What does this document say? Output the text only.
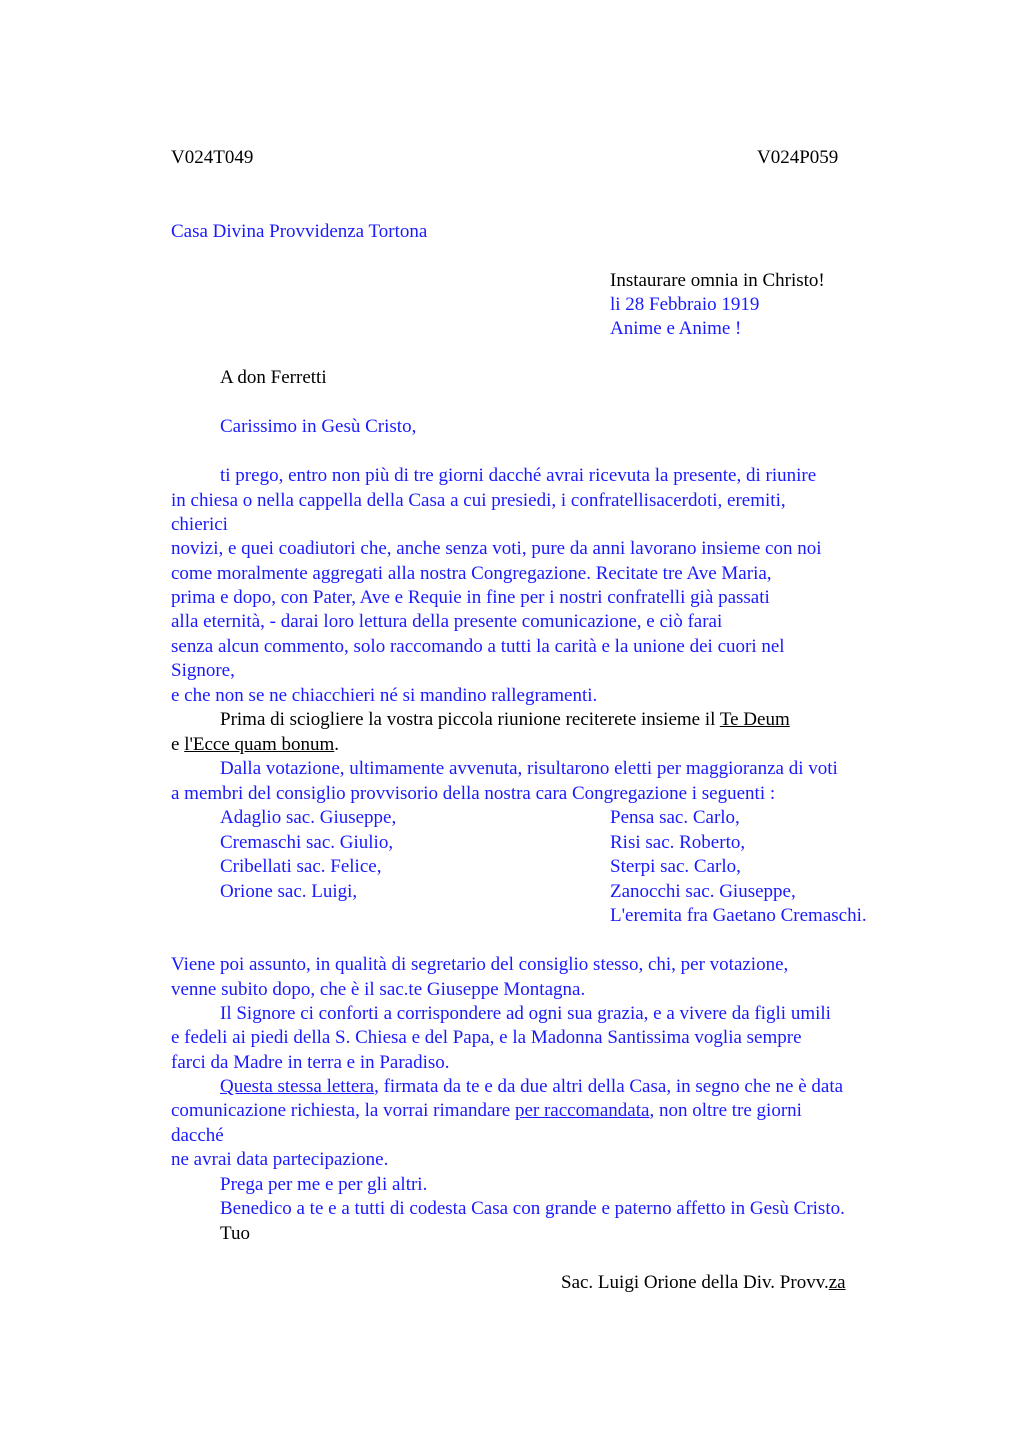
V024T049	V024P059
Casa Divina Provvidenza Tortona
Instaurare omnia in Christo!
li 28 Febbraio 1919
Anime e Anime !
A don Ferretti
Carissimo in Gesù Cristo,
ti prego, entro non più di tre giorni dacché avrai ricevuta la presente, di riunire
in chiesa o nella cappella della Casa a cui presiedi, i confratellisacerdoti, eremiti,
chierici
novizi, e quei coadiutori che, anche senza voti, pure da anni lavorano insieme con noi
come moralmente aggregati alla nostra Congregazione. Recitate tre Ave Maria,
prima e dopo, con Pater, Ave e Requie in fine per i nostri confratelli già passati
alla eternità, - darai loro lettura della presente comunicazione, e ciò farai
senza alcun commento, solo raccomando a tutti la carità e la unione dei cuori nel
Signore,
e che non se ne chiacchieri né si mandino rallegramenti.
Prima di sciogliere la vostra piccola riunione reciterete insieme il Te Deum
e l'Ecce quam bonum.
Dalla votazione, ultimamente avvenuta, risultarono eletti per maggioranza di voti
a membri del consiglio provvisorio della nostra cara Congregazione i seguenti :
Adaglio sac. Giuseppe,
Cremaschi sac. Giulio,
Cribellati sac. Felice,
Orione sac. Luigi,
Pensa sac. Carlo,
Risi sac. Roberto,
Sterpi sac. Carlo,
Zanocchi sac. Giuseppe,
L'eremita fra Gaetano Cremaschi.
Viene poi assunto, in qualità di segretario del consiglio stesso, chi, per votazione,
venne subito dopo, che è il sac.te Giuseppe Montagna.
Il Signore ci conforti a corrispondere ad ogni sua grazia, e a vivere da figli umili
e fedeli ai piedi della S. Chiesa e del Papa, e la Madonna Santissima voglia sempre
farci da Madre in terra e in Paradiso.
Questa stessa lettera, firmata da te e da due altri della Casa, in segno che ne è data
comunicazione richiesta, la vorrai rimandare per raccomandata, non oltre tre giorni
dacché
ne avrai data partecipazione.
Prega per me e per gli altri.
Benedico a te e a tutti di codesta Casa con grande e paterno affetto in Gesù Cristo.
Tuo
Sac. Luigi Orione della Div. Provv.za
